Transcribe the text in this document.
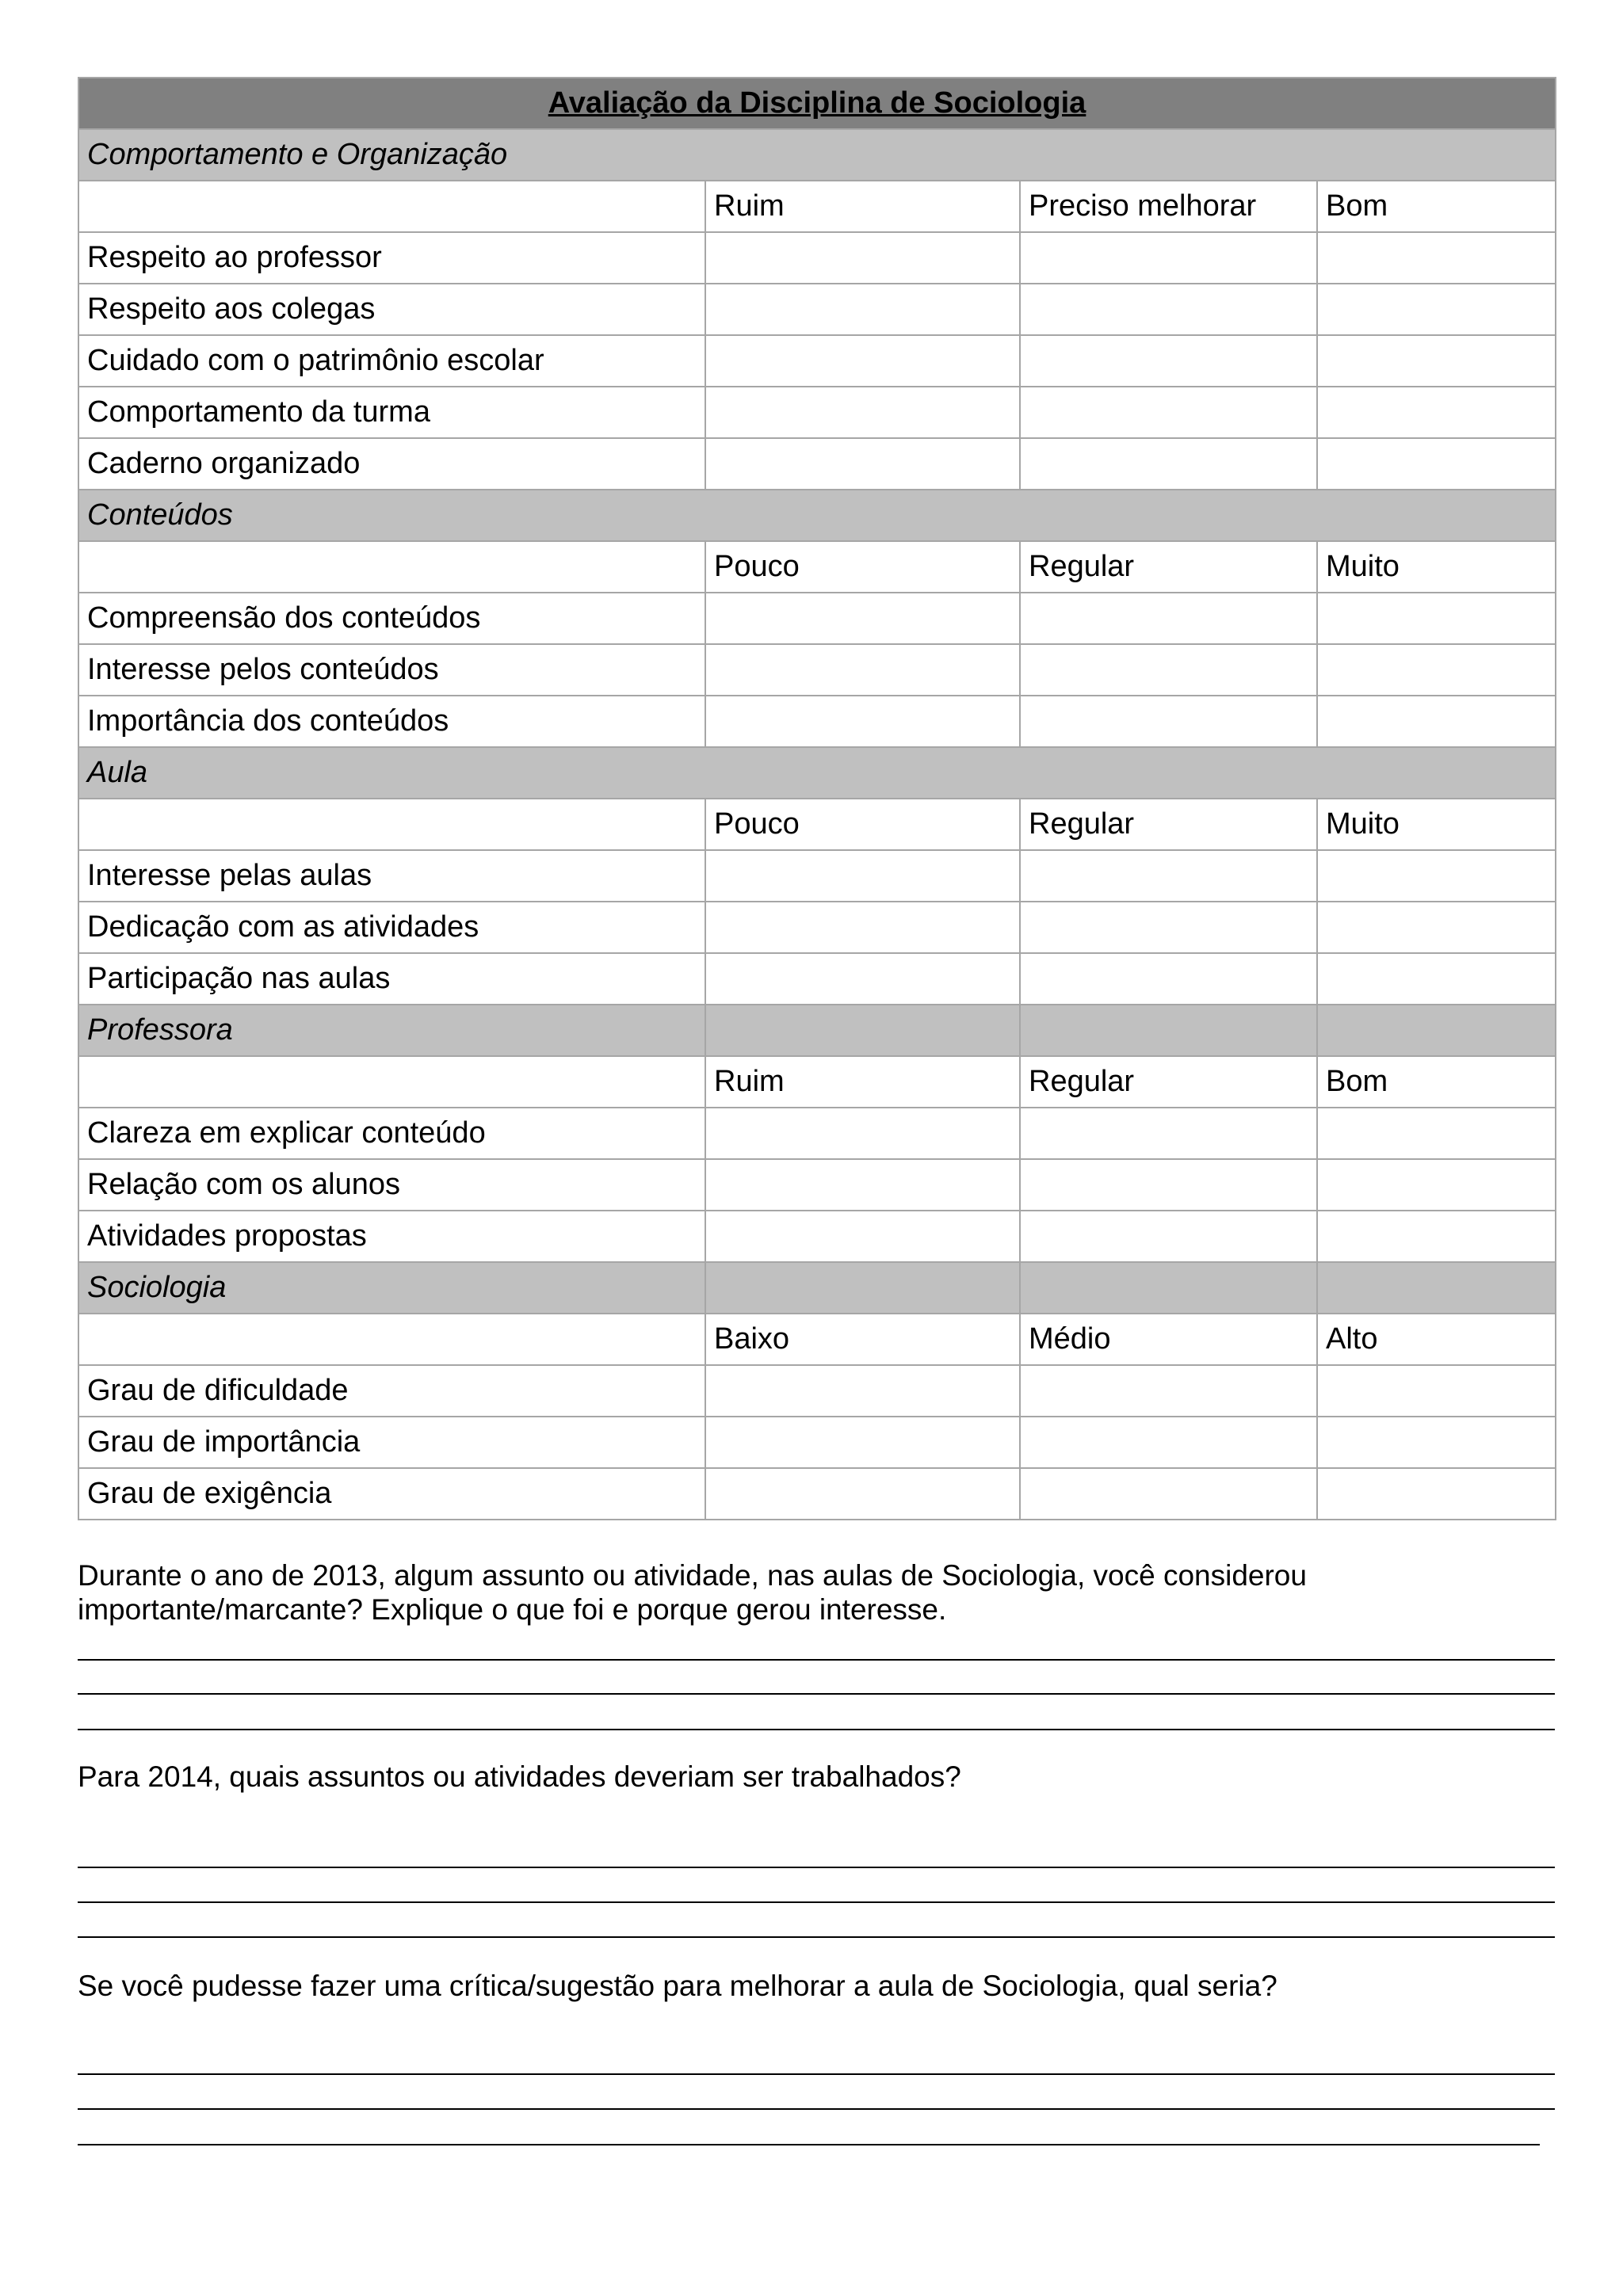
Avaliação da Disciplina de Sociologia			
Comportamento e Organização			
	Ruim	Preciso melhorar	Bom
Respeito ao professor			
Respeito aos colegas			
Cuidado com o patrimônio escolar			
Comportamento da turma			
Caderno organizado			
Conteúdos			
	Pouco	Regular	Muito
Compreensão dos conteúdos			
Interesse pelos conteúdos			
Importância dos conteúdos			
Aula			
	Pouco	Regular	Muito
Interesse pelas aulas			
Dedicação com as atividades			
Participação nas aulas			
Professora			
	Ruim	Regular	Bom
Clareza em explicar conteúdo			
Relação com os alunos			
Atividades propostas			
Sociologia			
	Baixo	Médio	Alto
Grau de dificuldade			
Grau de importância			
Grau de exigência			
Durante o ano de 2013, algum assunto ou atividade, nas aulas de Sociologia, você considerou
importante/marcante? Explique o que foi e porque gerou interesse.
Para 2014, quais assuntos ou atividades deveriam ser trabalhados?
Se você pudesse fazer uma crítica/sugestão para melhorar a aula de Sociologia, qual seria?
